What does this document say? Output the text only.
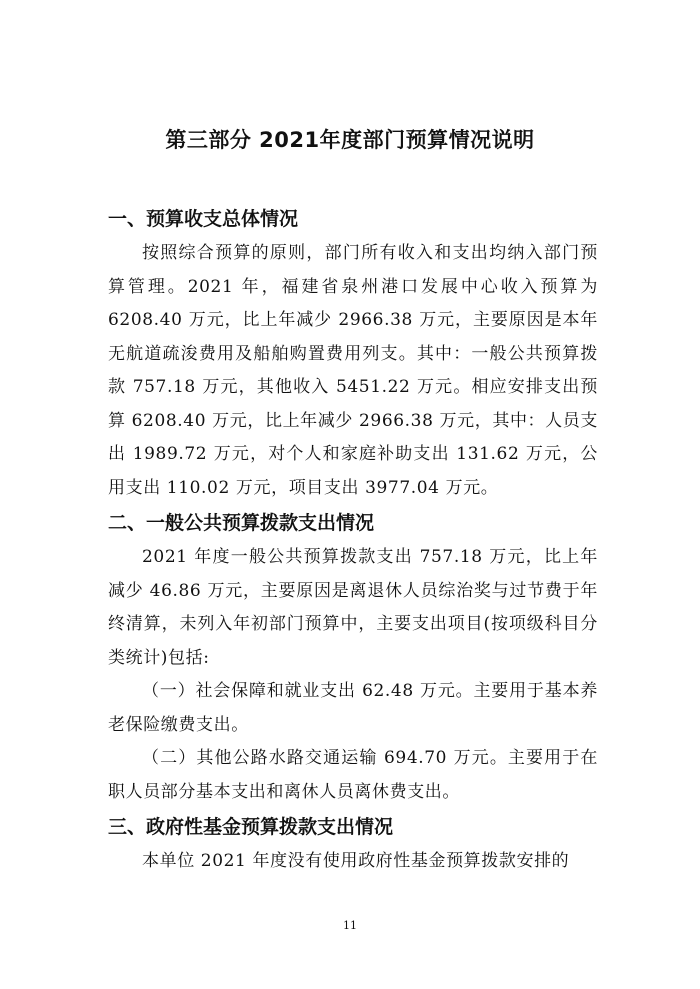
第三部分 2021年度部门预算情况说明

一、预算收支总体情况

按照综合预算的原则，部门所有收入和支出均纳入部门预算管理。2021 年，福建省泉州港口发展中心收入预算为 6208.40 万元，比上年减少 2966.38 万元，主要原因是本年无航道疏浚费用及船舶购置费用列支。其中：一般公共预算拨款 757.18 万元，其他收入 5451.22 万元。相应安排支出预算 6208.40 万元，比上年减少 2966.38 万元，其中：人员支出 1989.72 万元，对个人和家庭补助支出 131.62 万元，公用支出 110.02 万元，项目支出 3977.04 万元。

二、一般公共预算拨款支出情况

2021 年度一般公共预算拨款支出 757.18 万元，比上年减少 46.86 万元，主要原因是离退休人员综治奖与过节费于年终清算，未列入年初部门预算中，主要支出项目(按项级科目分类统计)包括:

（一）社会保障和就业支出 62.48 万元。主要用于基本养老保险缴费支出。

（二）其他公路水路交通运输 694.70 万元。主要用于在职人员部分基本支出和离休人员离休费支出。

三、政府性基金预算拨款支出情况

本单位 2021 年度没有使用政府性基金预算拨款安排的

11
